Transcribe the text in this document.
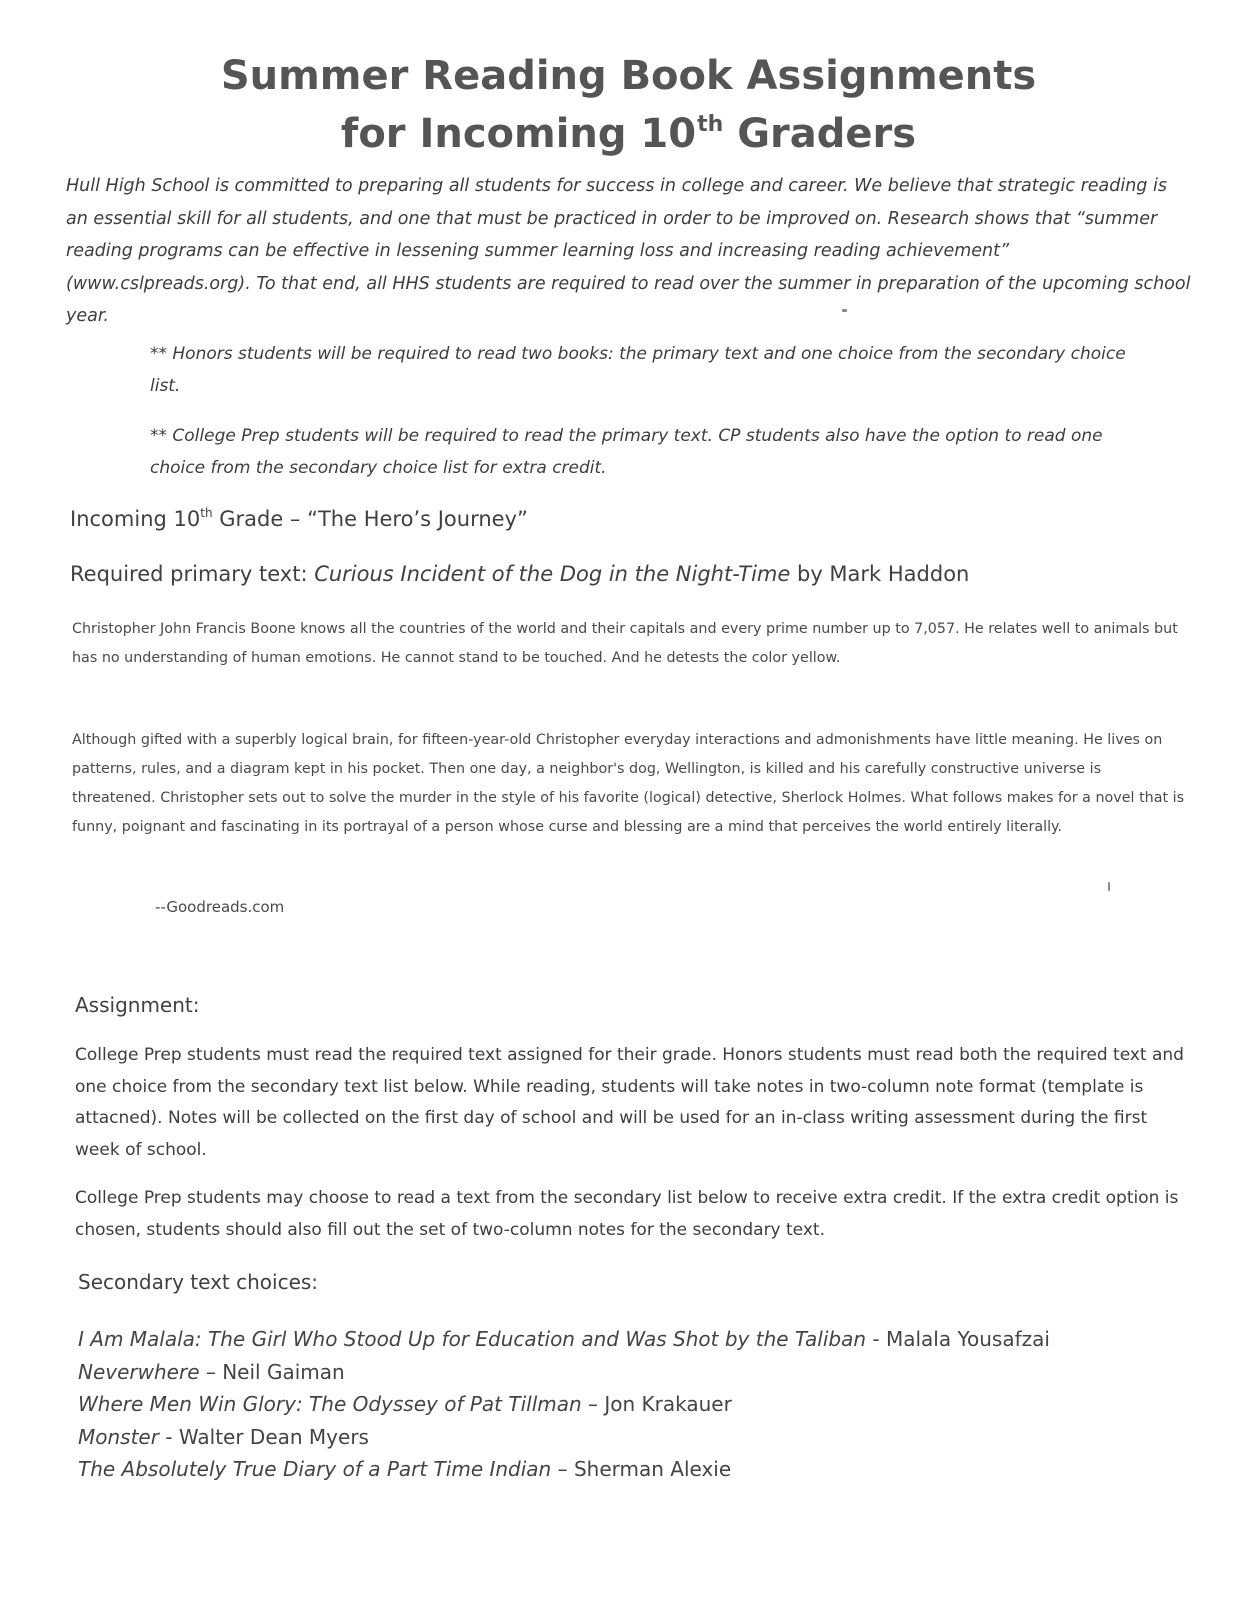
Summer Reading Book Assignments
for Incoming 10th Graders
Hull High School is committed to preparing all students for success in college and career. We believe that strategic reading is an essential skill for all students, and one that must be practiced in order to be improved on. Research shows that “summer reading programs can be effective in lessening summer learning loss and increasing reading achievement” (www.cslpreads.org). To that end, all HHS students are required to read over the summer in preparation of the upcoming school year.
** Honors students will be required to read two books: the primary text and one choice from the secondary choice list.
** College Prep students will be required to read the primary text. CP students also have the option to read one choice from the secondary choice list for extra credit.
Incoming 10th Grade – “The Hero’s Journey”
Required primary text: Curious Incident of the Dog in the Night-Time by Mark Haddon
Christopher John Francis Boone knows all the countries of the world and their capitals and every prime number up to 7,057. He relates well to animals but has no understanding of human emotions. He cannot stand to be touched. And he detests the color yellow.
Although gifted with a superbly logical brain, for fifteen-year-old Christopher everyday interactions and admonishments have little meaning. He lives on patterns, rules, and a diagram kept in his pocket. Then one day, a neighbor's dog, Wellington, is killed and his carefully constructive universe is threatened. Christopher sets out to solve the murder in the style of his favorite (logical) detective, Sherlock Holmes. What follows makes for a novel that is funny, poignant and fascinating in its portrayal of a person whose curse and blessing are a mind that perceives the world entirely literally.
--Goodreads.com
Assignment:
College Prep students must read the required text assigned for their grade. Honors students must read both the required text and one choice from the secondary text list below. While reading, students will take notes in two-column note format (template is attacned). Notes will be collected on the first day of school and will be used for an in-class writing assessment during the first week of school.
College Prep students may choose to read a text from the secondary list below to receive extra credit. If the extra credit option is chosen, students should also fill out the set of two-column notes for the secondary text.
Secondary text choices:
I Am Malala: The Girl Who Stood Up for Education and Was Shot by the Taliban - Malala Yousafzai
Neverwhere – Neil Gaiman
Where Men Win Glory: The Odyssey of Pat Tillman – Jon Krakauer
Monster - Walter Dean Myers
The Absolutely True Diary of a Part Time Indian – Sherman Alexie
